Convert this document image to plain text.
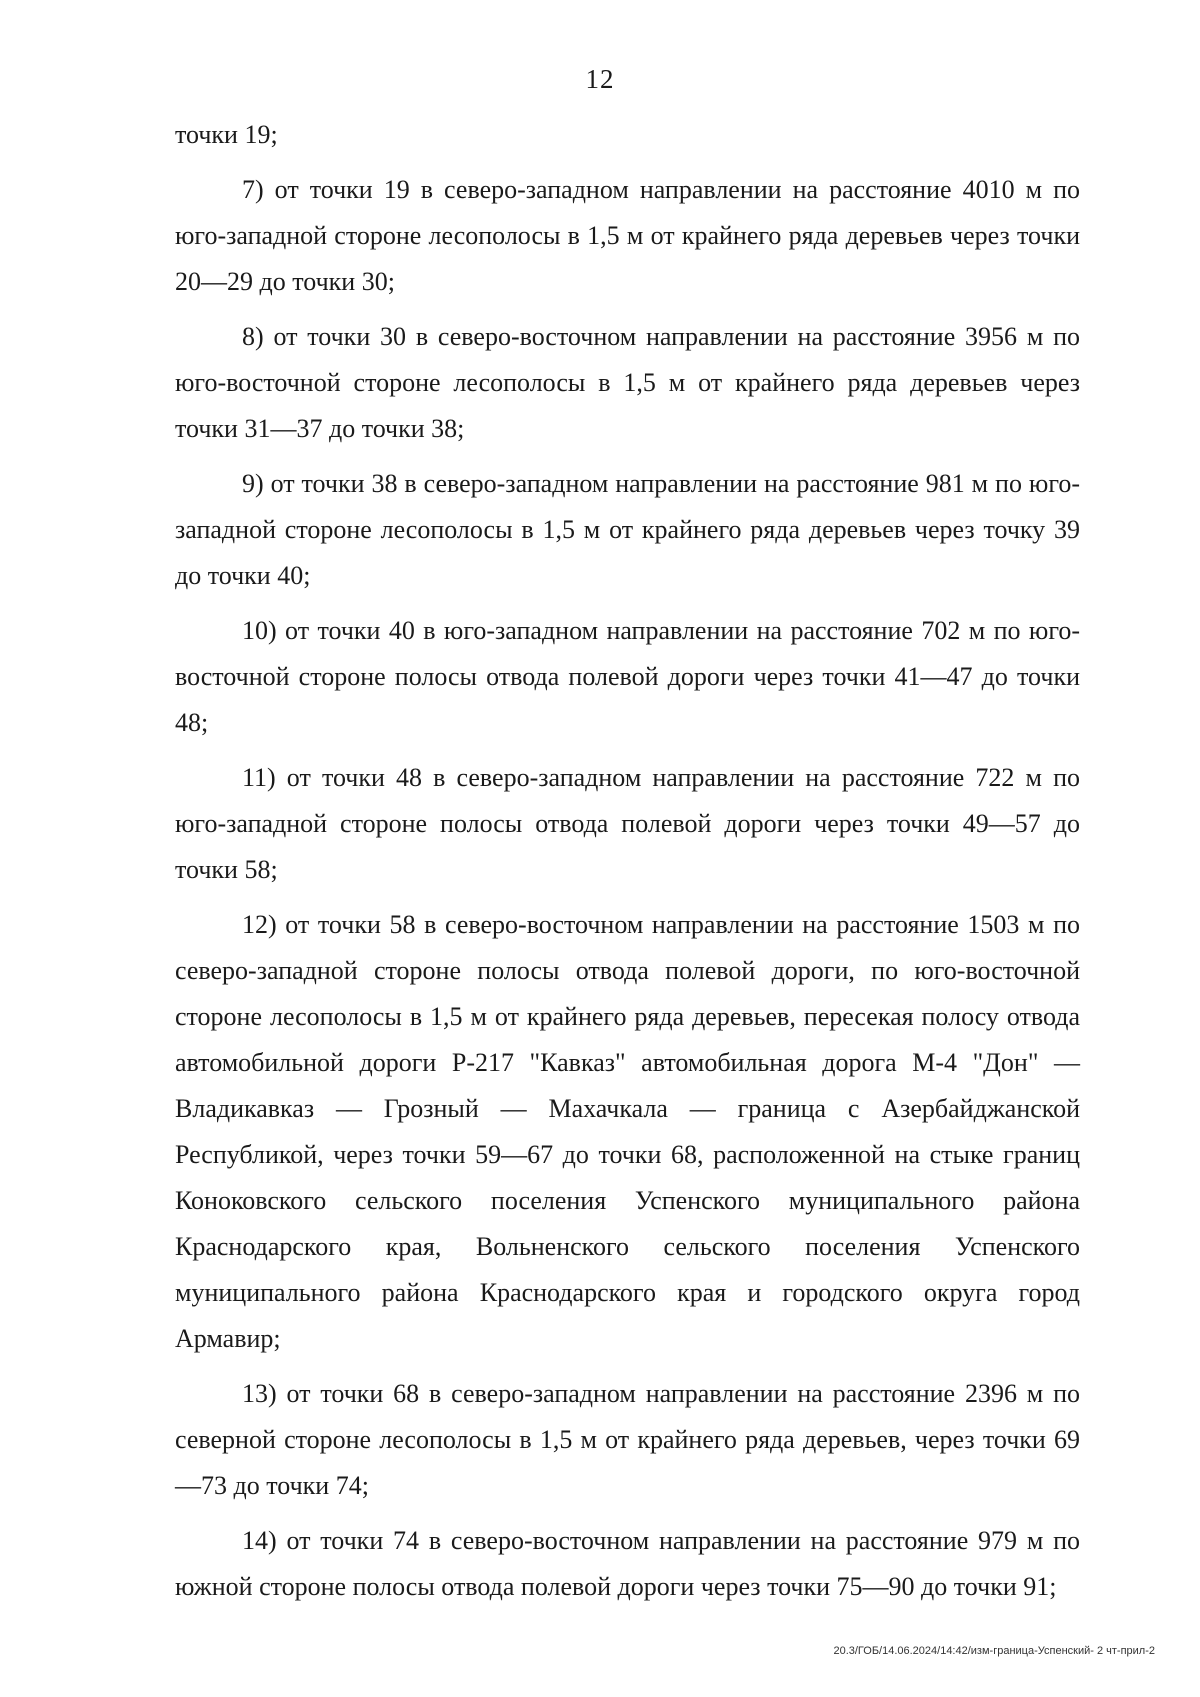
12

точки 19;

7) от точки 19 в северо-западном направлении на расстояние 4010 м по юго-западной стороне лесополосы в 1,5 м от крайнего ряда деревьев через точки 20—29 до точки 30;

8) от точки 30 в северо-восточном направлении на расстояние 3956 м по юго-восточной стороне лесополосы в 1,5 м от крайнего ряда деревьев через точки 31—37 до точки 38;

9) от точки 38 в северо-западном направлении на расстояние 981 м по юго-западной стороне лесополосы в 1,5 м от крайнего ряда деревьев через точку 39 до точки 40;

10) от точки 40 в юго-западном направлении на расстояние 702 м по юго-восточной стороне полосы отвода полевой дороги через точки 41—47 до точки 48;

11) от точки 48 в северо-западном направлении на расстояние 722 м по юго-западной стороне полосы отвода полевой дороги через точки 49—57 до точки 58;

12) от точки 58 в северо-восточном направлении на расстояние 1503 м по северо-западной стороне полосы отвода полевой дороги, по юго-восточной стороне лесополосы в 1,5 м от крайнего ряда деревьев, пересекая полосу отвода автомобильной дороги Р-217 "Кавказ" автомобильная дорога М-4 "Дон" — Владикавказ — Грозный — Махачкала — граница с Азербайджанской Республикой, через точки 59—67 до точки 68, расположенной на стыке границ Коноковского сельского поселения Успенского муниципального района Краснодарского края, Вольненского сельского поселения Успенского муниципального района Краснодарского края и городского округа город Армавир;

13) от точки 68 в северо-западном направлении на расстояние 2396 м по северной стороне лесополосы в 1,5 м от крайнего ряда деревьев, через точки 69—73 до точки 74;

14) от точки 74 в северо-восточном направлении на расстояние 979 м по южной стороне полосы отвода полевой дороги через точки 75—90 до точки 91;

20.3/ГОБ/14.06.2024/14:42/изм-граница-Успенский- 2 чт-прил-2
